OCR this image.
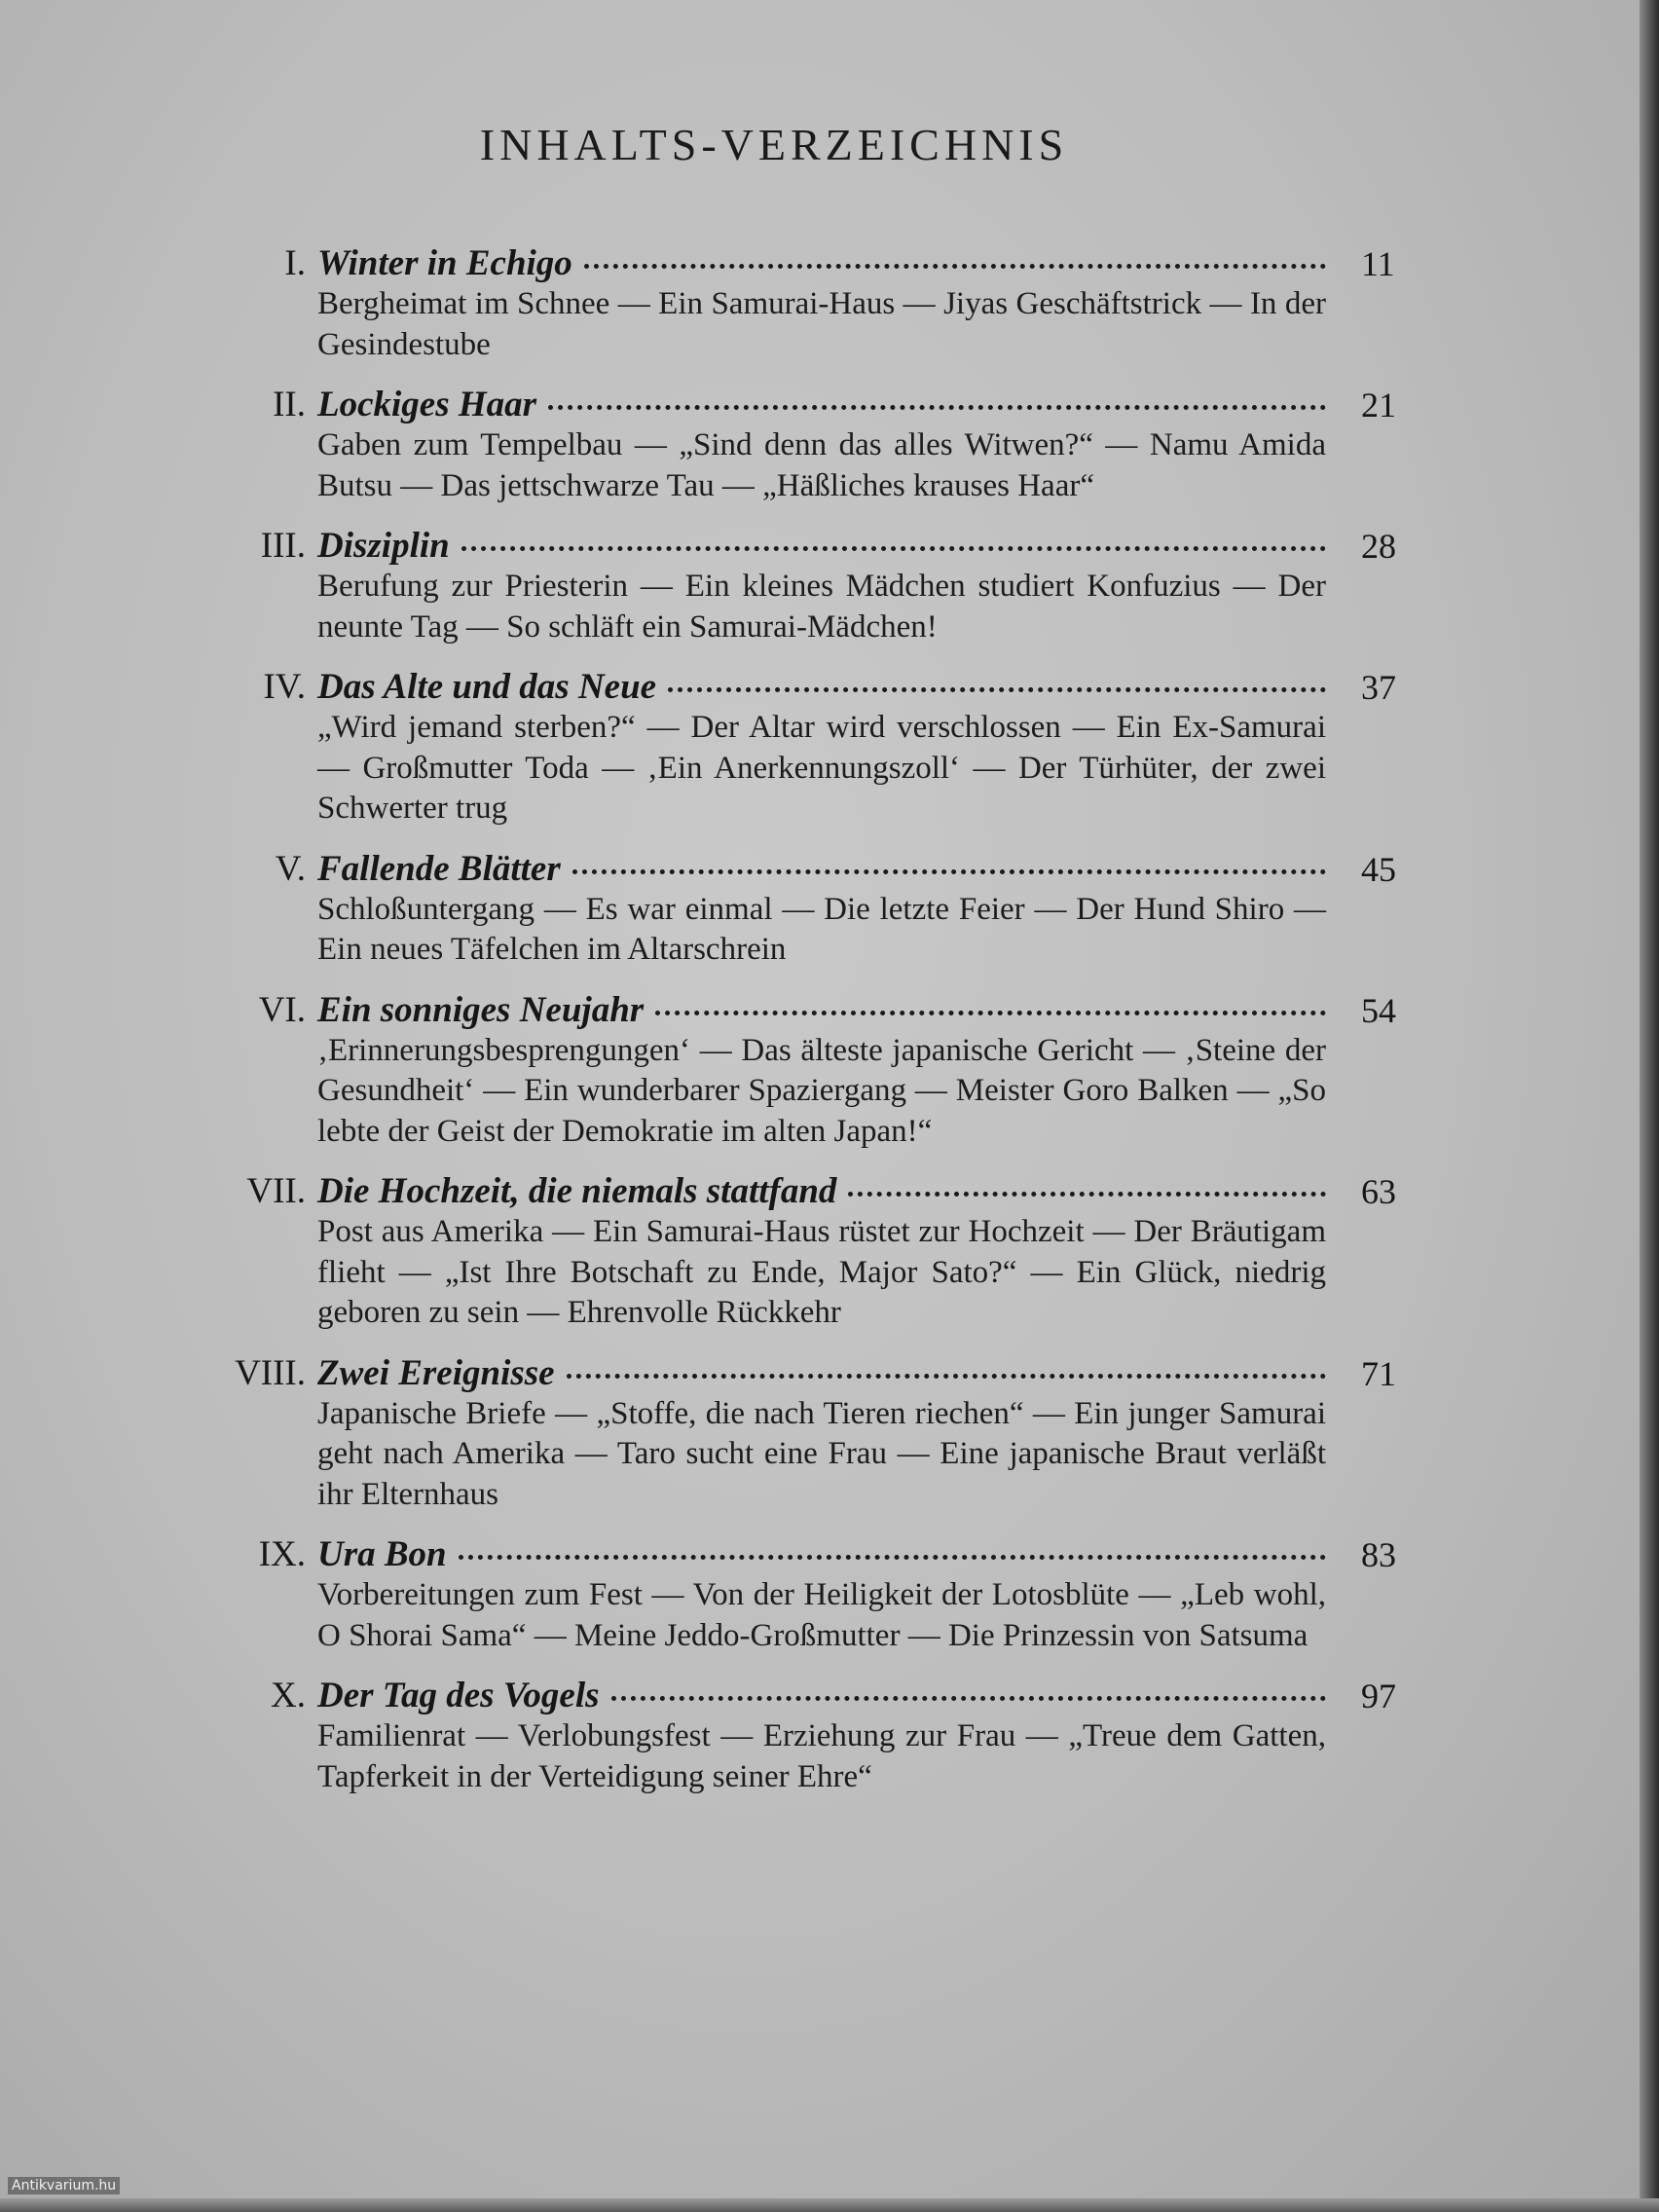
INHALTS-VERZEICHNIS
I. Winter in Echigo	11
Bergheimat im Schnee — Ein Samurai-Haus — Jiyas Geschäftstrick — In der Gesindestube
II. Lockiges Haar	21
Gaben zum Tempelbau — „Sind denn das alles Witwen?“ — Namu Amida Butsu — Das jettschwarze Tau — „Häßliches krauses Haar“
III. Disziplin	28
Berufung zur Priesterin — Ein kleines Mädchen studiert Konfuzius — Der neunte Tag — So schläft ein Samurai-Mädchen!
IV. Das Alte und das Neue	37
„Wird jemand sterben?“ — Der Altar wird verschlossen — Ein Ex-Samurai — Großmutter Toda — ‚Ein Anerkennungszoll‘ — Der Türhüter, der zwei Schwerter trug
V. Fallende Blätter	45
Schloßuntergang — Es war einmal — Die letzte Feier — Der Hund Shiro — Ein neues Täfelchen im Altarschrein
VI. Ein sonniges Neujahr	54
‚Erinnerungsbesprengungen‘ — Das älteste japanische Gericht — ‚Steine der Gesundheit‘ — Ein wunderbarer Spaziergang — Meister Goro Balken — „So lebte der Geist der Demokratie im alten Japan!“
VII. Die Hochzeit, die niemals stattfand	63
Post aus Amerika — Ein Samurai-Haus rüstet zur Hochzeit — Der Bräutigam flieht — „Ist Ihre Botschaft zu Ende, Major Sato?“ — Ein Glück, niedrig geboren zu sein — Ehrenvolle Rückkehr
VIII. Zwei Ereignisse	71
Japanische Briefe — „Stoffe, die nach Tieren riechen“ — Ein junger Samurai geht nach Amerika — Taro sucht eine Frau — Eine japanische Braut verläßt ihr Elternhaus
IX. Ura Bon	83
Vorbereitungen zum Fest — Von der Heiligkeit der Lotosblüte — „Leb wohl, O Shorai Sama“ — Meine Jeddo-Großmutter — Die Prinzessin von Satsuma
X. Der Tag des Vogels	97
Familienrat — Verlobungsfest — Erziehung zur Frau — „Treue dem Gatten, Tapferkeit in der Verteidigung seiner Ehre“
Antikvarium.hu
